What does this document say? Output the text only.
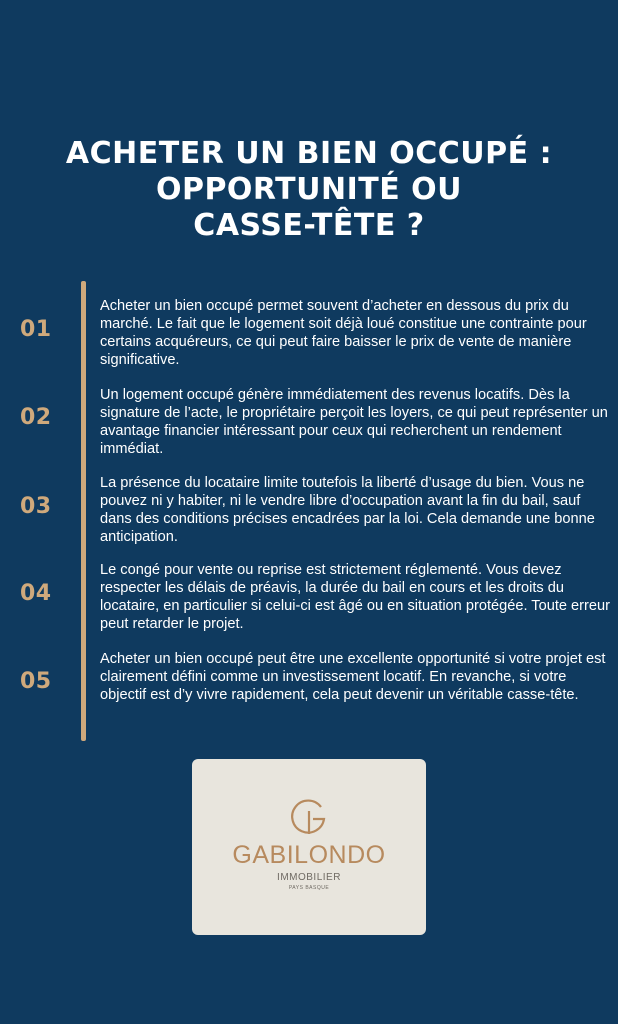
ACHETER UN BIEN OCCUPÉ :
OPPORTUNITÉ OU
CASSE-TÊTE ?
01

Acheter un bien occupé permet souvent d’acheter en dessous du prix du marché. Le fait que le logement soit déjà loué constitue une contrainte pour certains acquéreurs, ce qui peut faire baisser le prix de vente de manière significative.

02

Un logement occupé génère immédiatement des revenus locatifs. Dès la signature de l’acte, le propriétaire perçoit les loyers, ce qui peut représenter un avantage financier intéressant pour ceux qui recherchent un rendement immédiat.

03

La présence du locataire limite toutefois la liberté d’usage du bien. Vous ne pouvez ni y habiter, ni le vendre libre d’occupation avant la fin du bail, sauf dans des conditions précises encadrées par la loi. Cela demande une bonne anticipation.

04

Le congé pour vente ou reprise est strictement réglementé. Vous devez respecter les délais de préavis, la durée du bail en cours et les droits du locataire, en particulier si celui-ci est âgé ou en situation protégée. Toute erreur peut retarder le projet.

05

Acheter un bien occupé peut être une excellente opportunité si votre projet est clairement défini comme un investissement locatif. En revanche, si votre objectif est d’y vivre rapidement, cela peut devenir un véritable casse-tête.

GABILONDO
IMMOBILIER
PAYS BASQUE
